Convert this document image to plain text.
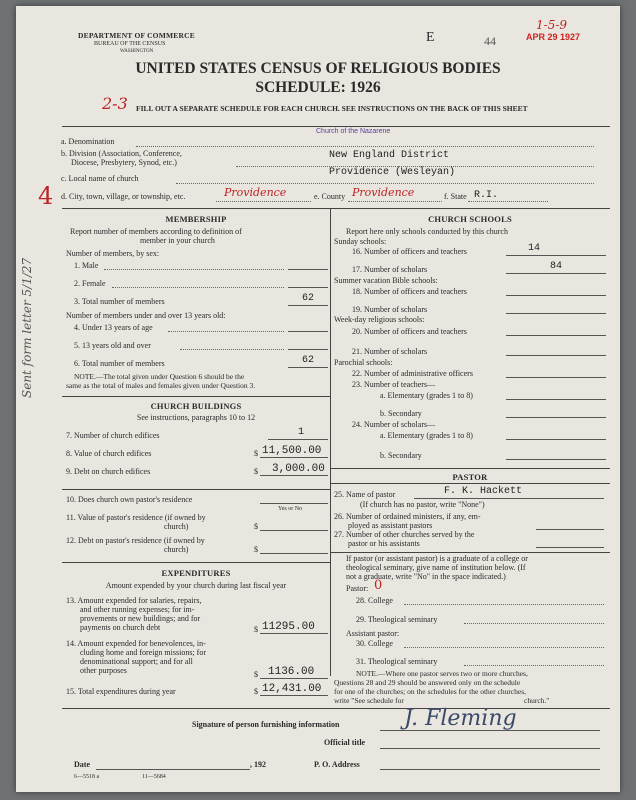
DEPARTMENT OF COMMERCE
BUREAU OF THE CENSUS
WASHINGTON
E	44
1-5-9
APR 29 1927
UNITED STATES CENSUS OF RELIGIOUS BODIES
SCHEDULE: 1926
2-3 FILL OUT A SEPARATE SCHEDULE FOR EACH CHURCH. SEE INSTRUCTIONS ON THE BACK OF THIS SHEET
a. Denomination
Church of the Nazarene
b. Division (Association, Conference,
Diocese, Presbytery, Synod, etc.)
New England District
c. Local name of church
Providence (Wesleyan)
d. City, town, village, or township, etc.	Providence	e. County Providence	f. State R.I.
4
Sent form letter 5/1/27
MEMBERSHIP
Report number of members according to definition of
member in your church
Number of members, by sex:
1. Male
2. Female
3. Total number of members	62
Number of members under and over 13 years old:
4. Under 13 years of age
5. 13 years old and over
6. Total number of members	62
NOTE.—The total given under Question 6 should be the
same as the total of males and females given under Question 3.
CHURCH BUILDINGS
See instructions, paragraphs 10 to 12
7. Number of church edifices	1
8. Value of church edifices	$ 11,500.00
9. Debt on church edifices	$ 3,000.00
10. Does church own pastor's residence
Yes or No
11. Value of pastor's residence (if owned by
church)	$
12. Debt on pastor's residence (if owned by
church)	$
EXPENDITURES
Amount expended by your church during last fiscal year
13. Amount expended for salaries, repairs,
and other running expenses; for im-
provements or new buildings; and for
payments on church debt	$ 11295.00
14. Amount expended for benevolences, in-
cluding home and foreign missions; for
denominational support; and for all
other purposes	$ 1136.00
15. Total expenditures during year	$ 12,431.00
CHURCH SCHOOLS
Report here only schools conducted by this church
Sunday schools:
16. Number of officers and teachers	14
17. Number of scholars	84
Summer vacation Bible schools:
18. Number of officers and teachers
19. Number of scholars
Week-day religious schools:
20. Number of officers and teachers
21. Number of scholars
Parochial schools:
22. Number of administrative officers
23. Number of teachers—
a. Elementary (grades 1 to 8)
b. Secondary
24. Number of scholars—
a. Elementary (grades 1 to 8)
b. Secondary
PASTOR
25. Name of pastor	F. K. Hackett
(If church has no pastor, write "None")
26. Number of ordained ministers, if any, em-
ployed as assistant pastors
27. Number of other churches served by the
pastor or his assistants
If pastor (or assistant pastor) is a graduate of a college or
theological seminary, give name of institution below. (If
not a graduate, write "No" in the space indicated.)
Pastor: 0
28. College
29. Theological seminary
Assistant pastor:
30. College
31. Theological seminary
NOTE.—Where one pastor serves two or more churches,
Questions 28 and 29 should be answered only on the schedule
for one of the churches; on the schedules for the other churches,
write "See schedule for	church."
Signature of person furnishing information	J. Fleming
Official title
Date	, 192	P. O. Address
6—5518 a	11—5684
